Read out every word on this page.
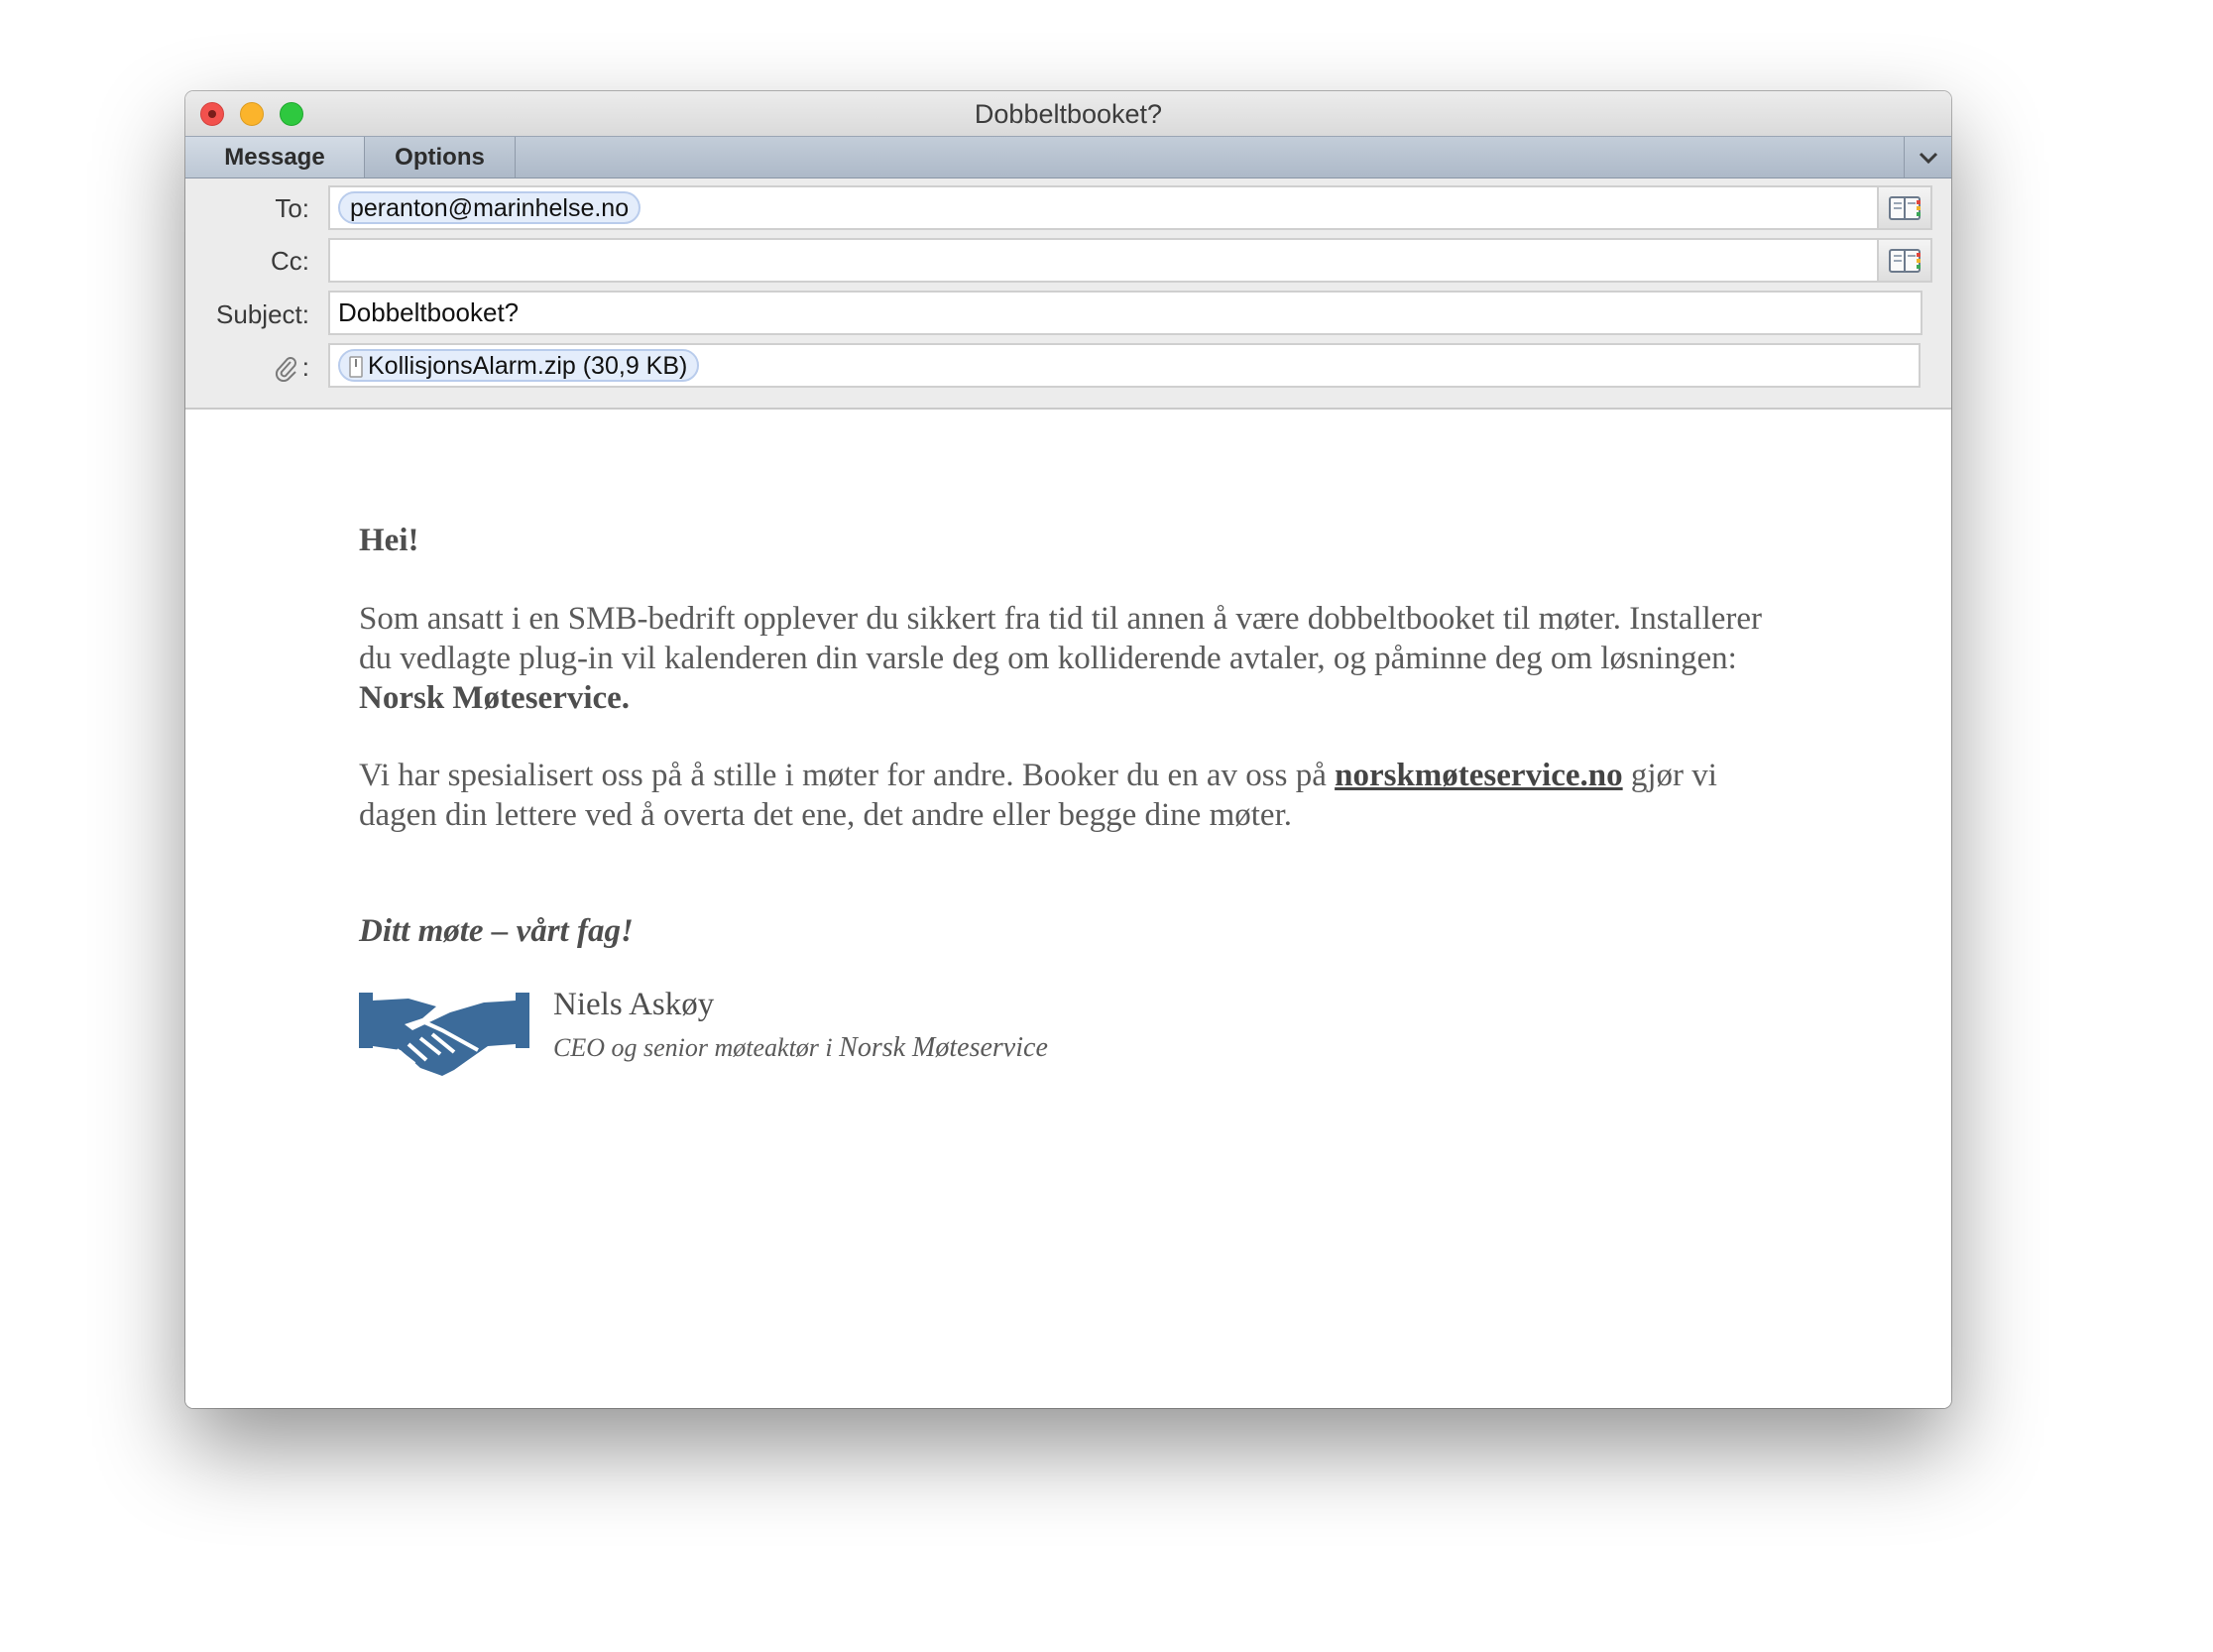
Dobbeltbooket?
Message	Options
To:	peranton@marinhelse.no
Cc:
Subject: Dobbeltbooket?
:	KollisjonsAlarm.zip (30,9 KB)
Hei!
Som ansatt i en SMB-bedrift opplever du sikkert fra tid til annen å være dobbeltbooket til møter. Installerer du vedlagte plug-in vil kalenderen din varsle deg om kolliderende avtaler, og påminne deg om løsningen:
Norsk Møteservice.
Vi har spesialisert oss på å stille i møter for andre. Booker du en av oss på norskmøteservice.no gjør vi dagen din lettere ved å overta det ene, det andre eller begge dine møter.
Ditt møte – vårt fag!
Niels Askøy
CEO og senior møteaktør i Norsk Møteservice
